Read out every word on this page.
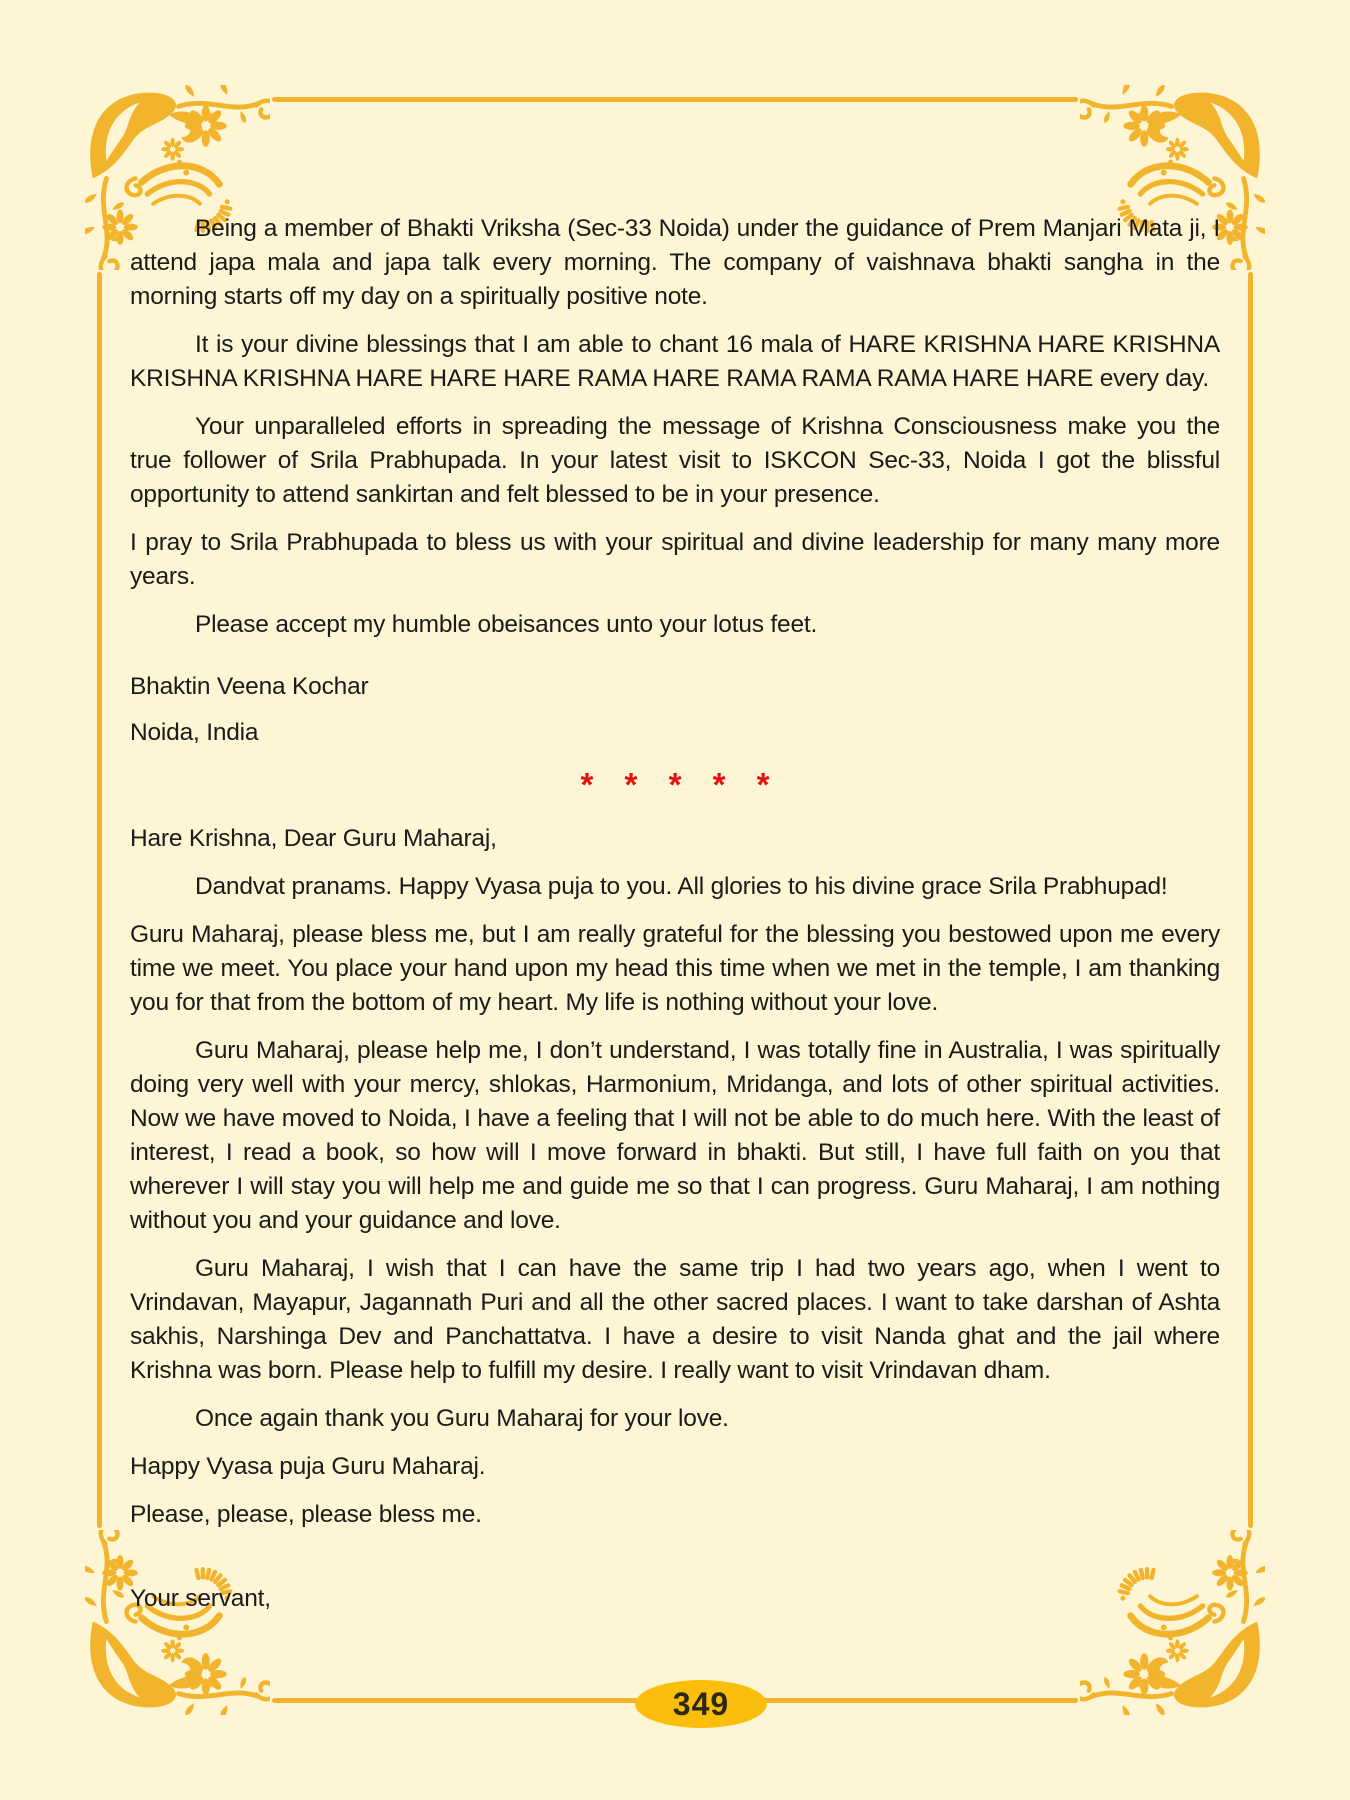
Being a member of Bhakti Vriksha (Sec-33 Noida) under the guidance of Prem Manjari Mata ji, I attend japa mala and japa talk every morning. The company of vaishnava bhakti sangha in the morning starts off my day on a spiritually positive note.

It is your divine blessings that I am able to chant 16 mala of HARE KRISHNA HARE KRISHNA KRISHNA KRISHNA HARE HARE HARE RAMA HARE RAMA RAMA RAMA HARE HARE every day.

Your unparalleled efforts in spreading the message of Krishna Consciousness make you the true follower of Srila Prabhupada. In your latest visit to ISKCON Sec-33, Noida I got the blissful opportunity to attend sankirtan and felt blessed to be in your presence.

I pray to Srila Prabhupada to bless us with your spiritual and divine leadership for many many more years.

Please accept my humble obeisances unto your lotus feet.

Bhaktin Veena Kochar

Noida, India

* * * * *

Hare Krishna, Dear Guru Maharaj,

Dandvat pranams. Happy Vyasa puja to you. All glories to his divine grace Srila Prabhupad!

Guru Maharaj, please bless me, but I am really grateful for the blessing you bestowed upon me every time we meet. You place your hand upon my head this time when we met in the temple, I am thanking you for that from the bottom of my heart. My life is nothing without your love.

Guru Maharaj, please help me, I don’t understand, I was totally fine in Australia, I was spiritually doing very well with your mercy, shlokas, Harmonium, Mridanga, and lots of other spiritual activities. Now we have moved to Noida, I have a feeling that I will not be able to do much here. With the least of interest, I read a book, so how will I move forward in bhakti. But still, I have full faith on you that wherever I will stay you will help me and guide me so that I can progress. Guru Maharaj, I am nothing without you and your guidance and love.

Guru Maharaj, I wish that I can have the same trip I had two years ago, when I went to Vrindavan, Mayapur, Jagannath Puri and all the other sacred places. I want to take darshan of Ashta sakhis, Narshinga Dev and Panchattatva. I have a desire to visit Nanda ghat and the jail where Krishna was born. Please help to fulfill my desire. I really want to visit Vrindavan dham.

Once again thank you Guru Maharaj for your love.

Happy Vyasa puja Guru Maharaj.

Please, please, please bless me.

Your servant,

349
